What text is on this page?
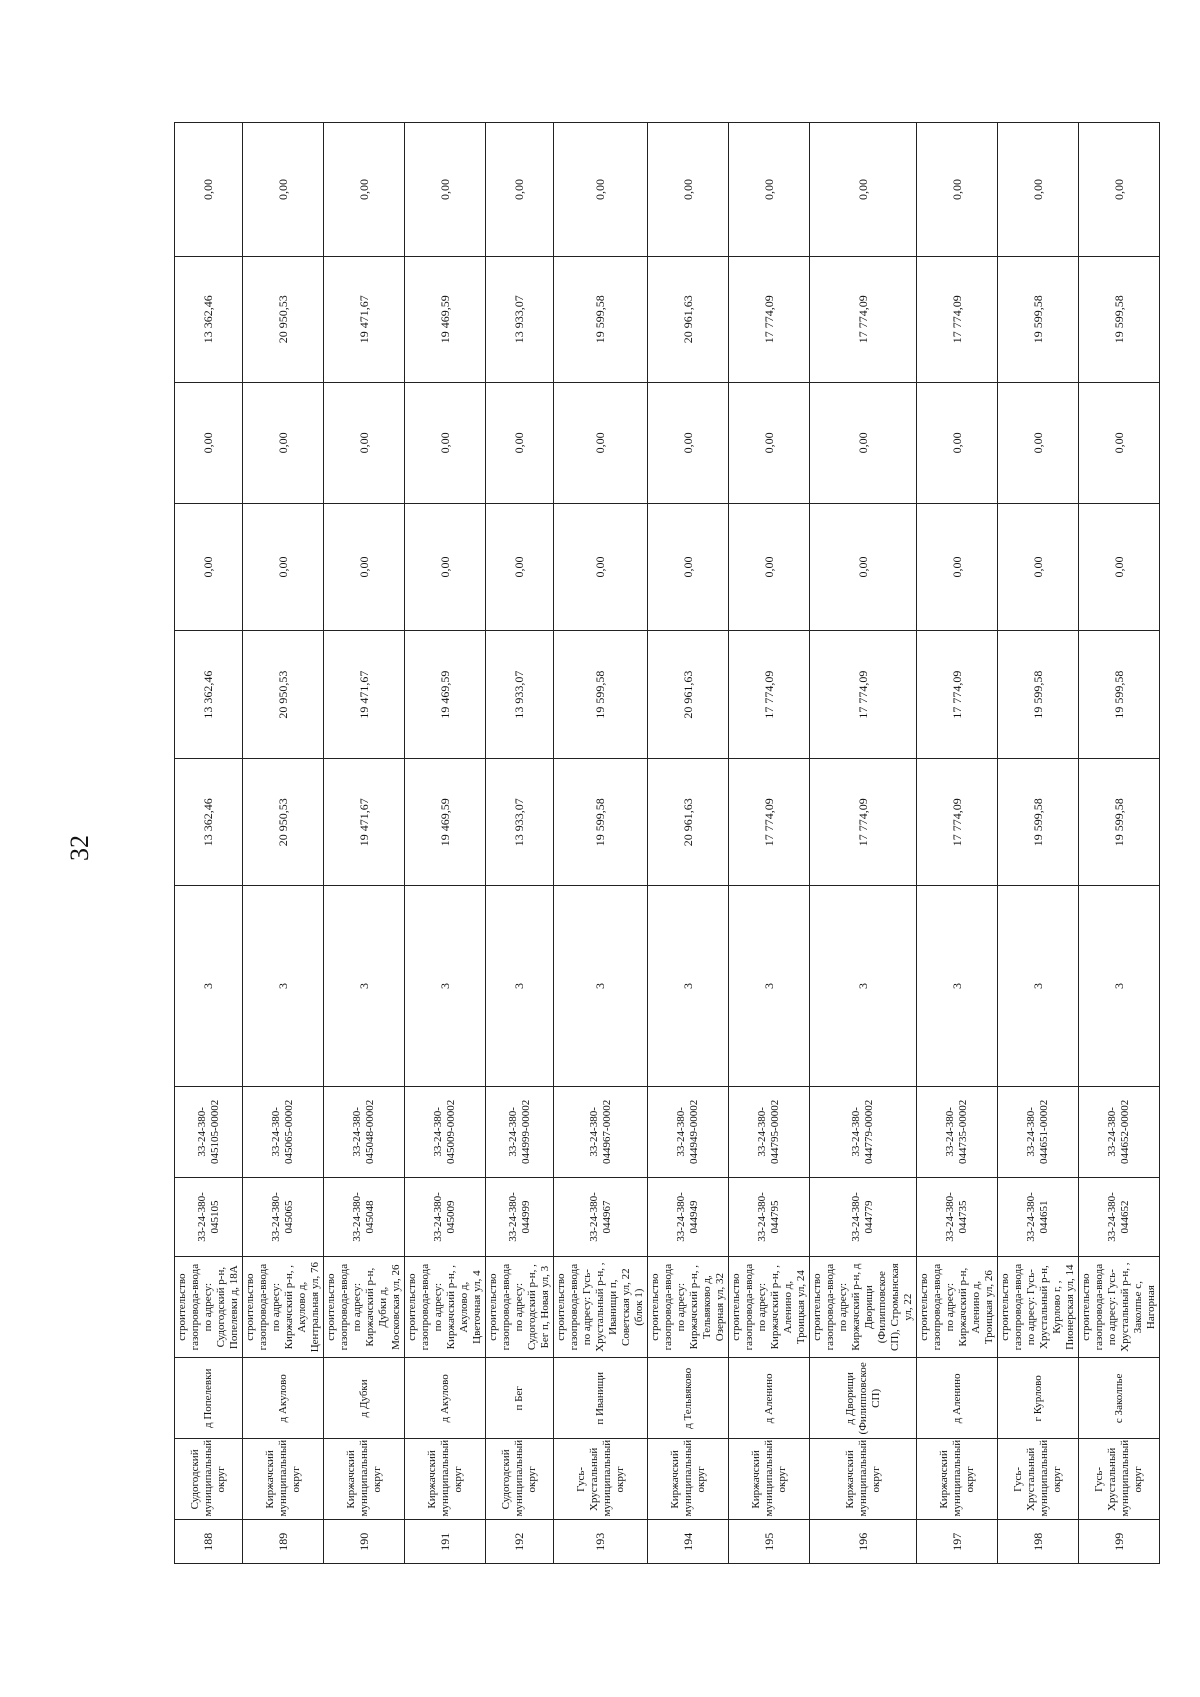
32
188	Судогодский муниципальный округ	д Попелевки	строительство газопровода-ввода по адресу: Судогодский р-н, Попелевки д, 18А	33-24-380-045105	33-24-380-045105-00002	3	13 362,46	13 362,46	0,00	0,00	13 362,46	0,00
189	Киржачский муниципальный округ	д Акулово	строительство газопровода-ввода по адресу: Киржачский р-н, , Акулово д, Центральная ул, 76	33-24-380-045065	33-24-380-045065-00002	3	20 950,53	20 950,53	0,00	0,00	20 950,53	0,00
190	Киржачский муниципальный округ	д Дубки	строительство газопровода-ввода по адресу: Киржачский р-н, Дубки д, Московская ул, 26	33-24-380-045048	33-24-380-045048-00002	3	19 471,67	19 471,67	0,00	0,00	19 471,67	0,00
191	Киржачский муниципальный округ	д Акулово	строительство газопровода-ввода по адресу: Киржачский р-н, , Акулово д, Цветочная ул, 4	33-24-380-045009	33-24-380-045009-00002	3	19 469,59	19 469,59	0,00	0,00	19 469,59	0,00
192	Судогодский муниципальный округ	п Бег	строительство газопровода-ввода по адресу: Судогодский р-н, , Бег п, Новая ул, 3	33-24-380-044999	33-24-380-044999-00002	3	13 933,07	13 933,07	0,00	0,00	13 933,07	0,00
193	Гусь-Хрустальный муниципальный округ	п Иванищи	строительство газопровода-ввода по адресу: Гусь-Хрустальный р-н, , Иванищи п, Советская ул, 22 (блок 1)	33-24-380-044967	33-24-380-044967-00002	3	19 599,58	19 599,58	0,00	0,00	19 599,58	0,00
194	Киржачский муниципальный округ	д Тельвяково	строительство газопровода-ввода по адресу: Киржачский р-н, , Тельвяково д, Озерная ул, 32	33-24-380-044949	33-24-380-044949-00002	3	20 961,63	20 961,63	0,00	0,00	20 961,63	0,00
195	Киржачский муниципальный округ	д Аленино	строительство газопровода-ввода по адресу: Киржачский р-н, , Аленино д, Троицкая ул, 24	33-24-380-044795	33-24-380-044795-00002	3	17 774,09	17 774,09	0,00	0,00	17 774,09	0,00
196	Киржачский муниципальный округ	д Дворищи (Филипповское СП)	строительство газопровода-ввода по адресу: Киржачский р-н, д Дворищи (Филипповское СП), Стромынская ул, 22	33-24-380-044779	33-24-380-044779-00002	3	17 774,09	17 774,09	0,00	0,00	17 774,09	0,00
197	Киржачский муниципальный округ	д Аленино	строительство газопровода-ввода по адресу: Киржачский р-н, Аленино д, Троицкая ул, 26	33-24-380-044735	33-24-380-044735-00002	3	17 774,09	17 774,09	0,00	0,00	17 774,09	0,00
198	Гусь-Хрустальный муниципальный округ	г Курлово	строительство газопровода-ввода по адресу: Гусь-Хрустальный р-н, Курлово г, , Пионерская ул, 14	33-24-380-044651	33-24-380-044651-00002	3	19 599,58	19 599,58	0,00	0,00	19 599,58	0,00
199	Гусь-Хрустальный муниципальный округ	с Заколпье	строительство газопровода-ввода по адресу: Гусь-Хрустальный р-н, , Заколпье с, Нагорная	33-24-380-044652	33-24-380-044652-00002	3	19 599,58	19 599,58	0,00	0,00	19 599,58	0,00
